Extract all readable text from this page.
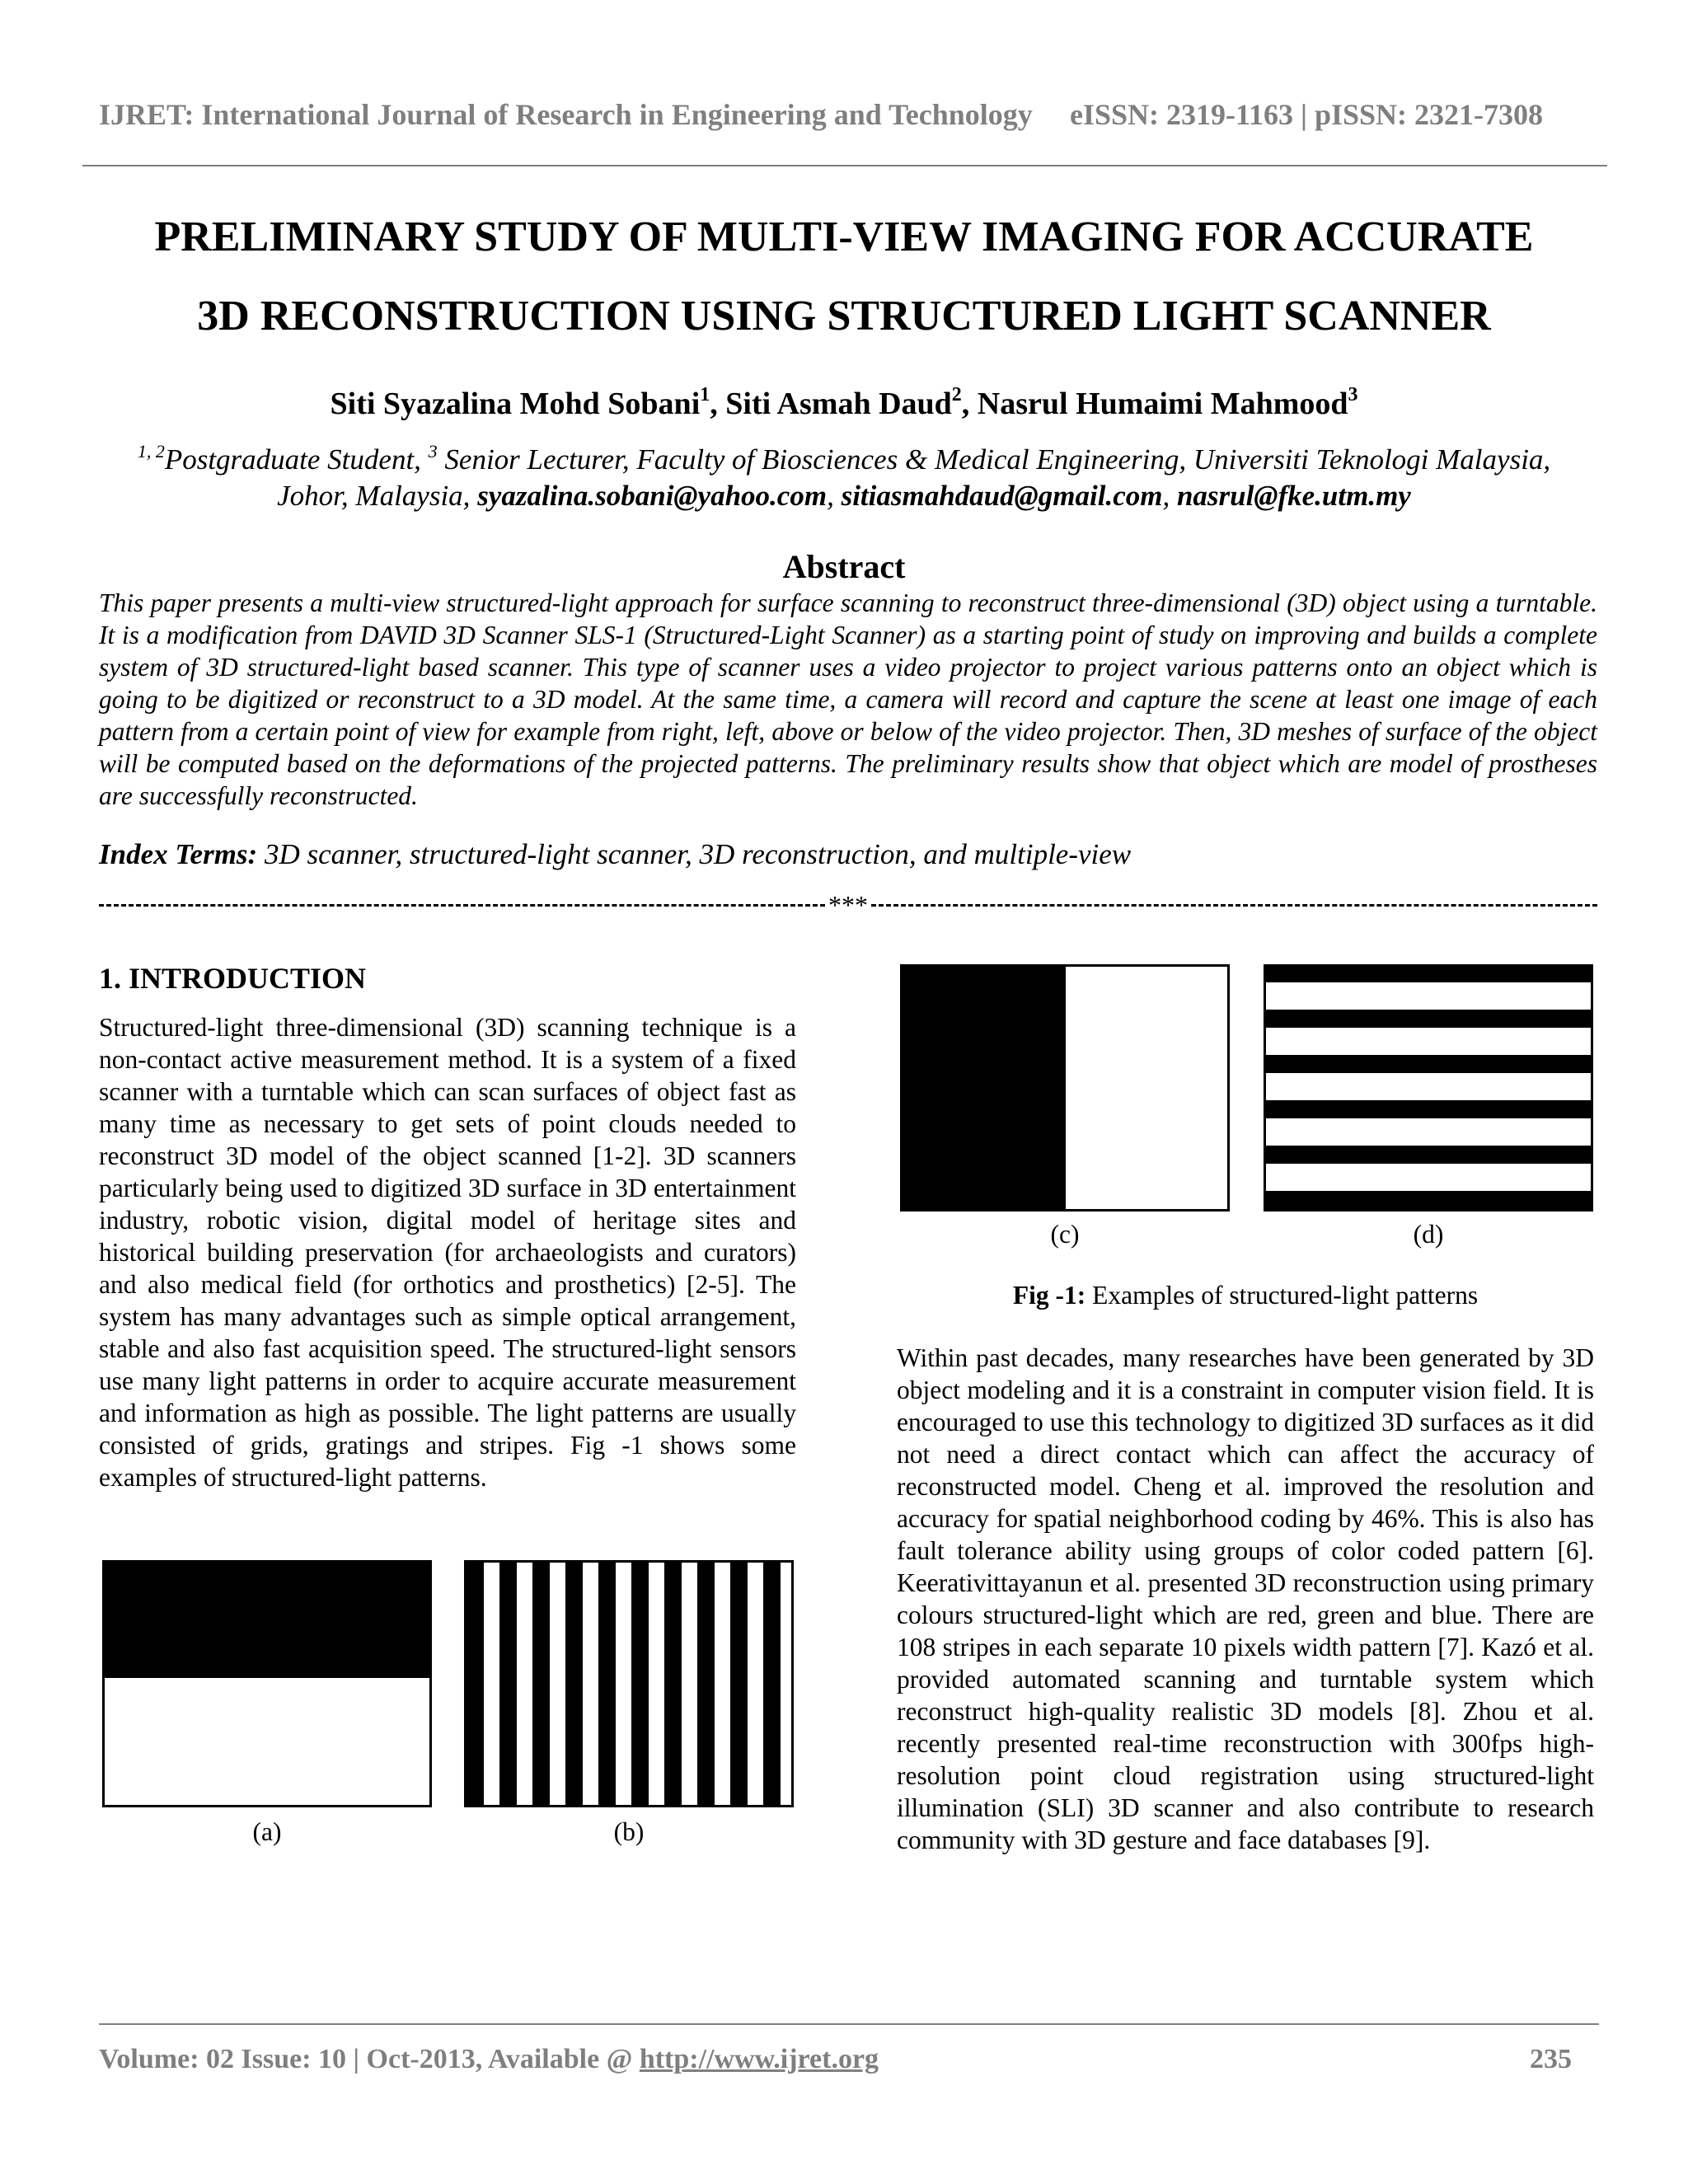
IJRET: International Journal of Research in Engineering and Technology eISSN: 2319-1163 | pISSN: 2321-7308
PRELIMINARY STUDY OF MULTI-VIEW IMAGING FOR ACCURATE
3D RECONSTRUCTION USING STRUCTURED LIGHT SCANNER
Siti Syazalina Mohd Sobani$^1$, Siti Asmah Daud$^2$, Nasrul Humaimi Mahmood$^3$
$^{1, 2}$Postgraduate Student, $^3$ Senior Lecturer, Faculty of Biosciences & Medical Engineering, Universiti Teknologi Malaysia, Johor, Malaysia, syazalina.sobani@yahoo.com, sitiasmahdaud@gmail.com, nasrul@fke.utm.my
Abstract
This paper presents a multi-view structured-light approach for surface scanning to reconstruct three-dimensional (3D) object using a turntable. It is a modification from DAVID 3D Scanner SLS-1 (Structured-Light Scanner) as a starting point of study on improving and builds a complete system of 3D structured-light based scanner. This type of scanner uses a video projector to project various patterns onto an object which is going to be digitized or reconstruct to a 3D model. At the same time, a camera will record and capture the scene at least one image of each pattern from a certain point of view for example from right, left, above or below of the video projector. Then, 3D meshes of surface of the object will be computed based on the deformations of the projected patterns. The preliminary results show that object which are model of prostheses are successfully reconstructed.
Index Terms: 3D scanner, structured-light scanner, 3D reconstruction, and multiple-view
***
1. INTRODUCTION
Structured-light three-dimensional (3D) scanning technique is a non-contact active measurement method. It is a system of a fixed scanner with a turntable which can scan surfaces of object fast as many time as necessary to get sets of point clouds needed to reconstruct 3D model of the object scanned [1-2]. 3D scanners particularly being used to digitized 3D surface in 3D entertainment industry, robotic vision, digital model of heritage sites and historical building preservation (for archaeologists and curators) and also medical field (for orthotics and prosthetics) [2-5]. The system has many advantages such as simple optical arrangement, stable and also fast acquisition speed. The structured-light sensors use many light patterns in order to acquire accurate measurement and information as high as possible. The light patterns are usually consisted of grids, gratings and stripes. Fig -1 shows some examples of structured-light patterns.
(a)	(b)
(c)	(d)
Fig -1: Examples of structured-light patterns
Within past decades, many researches have been generated by 3D object modeling and it is a constraint in computer vision field. It is encouraged to use this technology to digitized 3D surfaces as it did not need a direct contact which can affect the accuracy of reconstructed model. Cheng et al. improved the resolution and accuracy for spatial neighborhood coding by 46%. This is also has fault tolerance ability using groups of color coded pattern [6]. Keerativittayanun et al. presented 3D reconstruction using primary colours structured-light which are red, green and blue. There are 108 stripes in each separate 10 pixels width pattern [7]. Kazó et al. provided automated scanning and turntable system which reconstruct high-quality realistic 3D models [8]. Zhou et al. recently presented real-time reconstruction with 300fps high-resolution point cloud registration using structured-light illumination (SLI) 3D scanner and also contribute to research community with 3D gesture and face databases [9].
Volume: 02 Issue: 10 | Oct-2013, Available @ http://www.ijret.org	235
